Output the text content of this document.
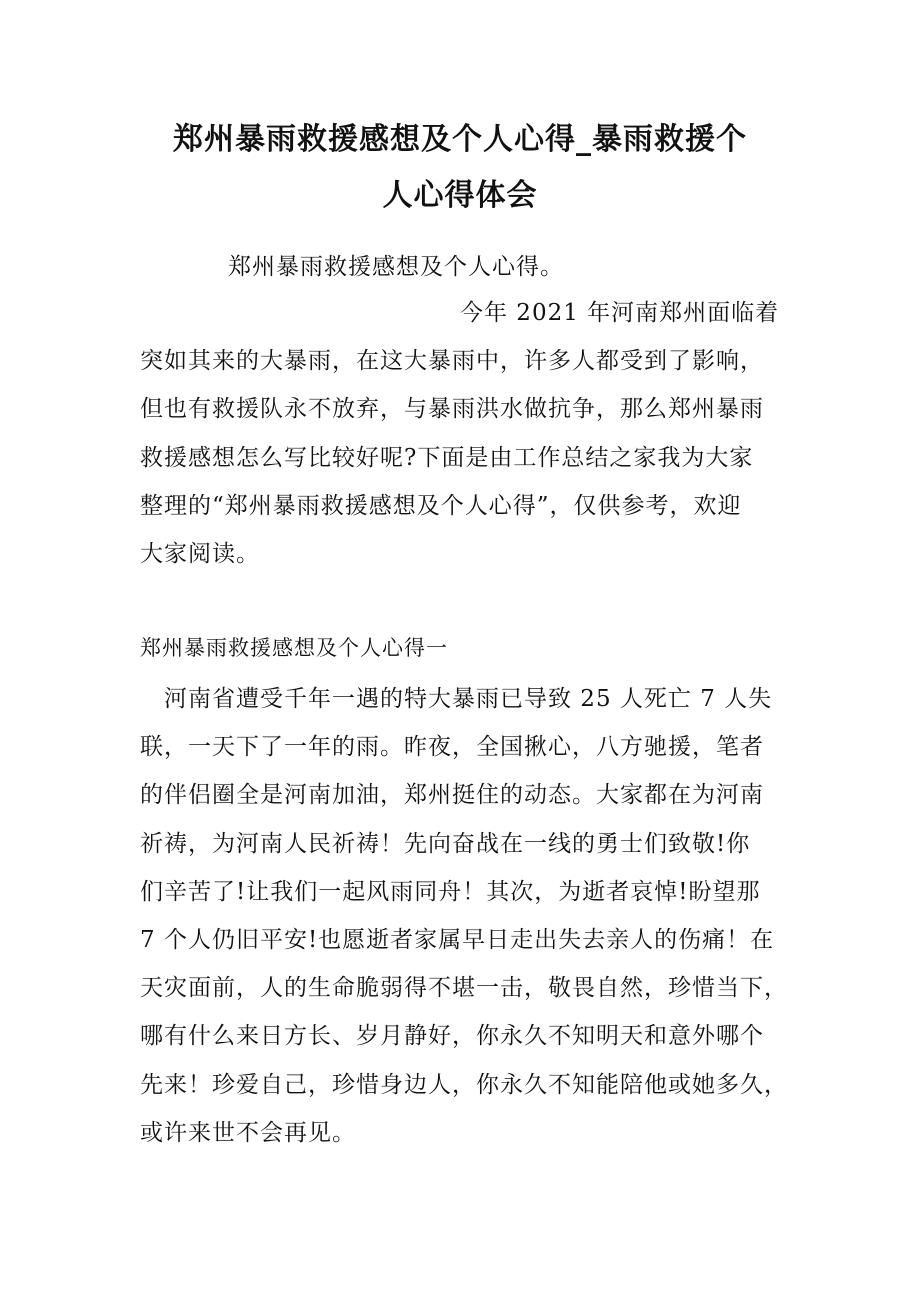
郑州暴雨救援感想及个人心得_暴雨救援个
人心得体会

郑州暴雨救援感想及个人心得。

今年 2021 年河南郑州面临着
突如其来的大暴雨，在这大暴雨中，许多人都受到了影响，
但也有救援队永不放弃，与暴雨洪水做抗争，那么郑州暴雨
救援感想怎么写比较好呢?下面是由工作总结之家我为大家
整理的“郑州暴雨救援感想及个人心得”，仅供参考，欢迎
大家阅读。

郑州暴雨救援感想及个人心得一

河南省遭受千年一遇的特大暴雨已导致 25 人死亡 7 人失
联，一天下了一年的雨。昨夜，全国揪心，八方驰援，笔者
的伴侣圈全是河南加油，郑州挺住的动态。大家都在为河南
祈祷，为河南人民祈祷！先向奋战在一线的勇士们致敬!你
们辛苦了!让我们一起风雨同舟！其次，为逝者哀悼!盼望那
7 个人仍旧平安!也愿逝者家属早日走出失去亲人的伤痛！在
天灾面前，人的生命脆弱得不堪一击，敬畏自然，珍惜当下，
哪有什么来日方长、岁月静好，你永久不知明天和意外哪个
先来！珍爱自己，珍惜身边人，你永久不知能陪他或她多久，
或许来世不会再见。
